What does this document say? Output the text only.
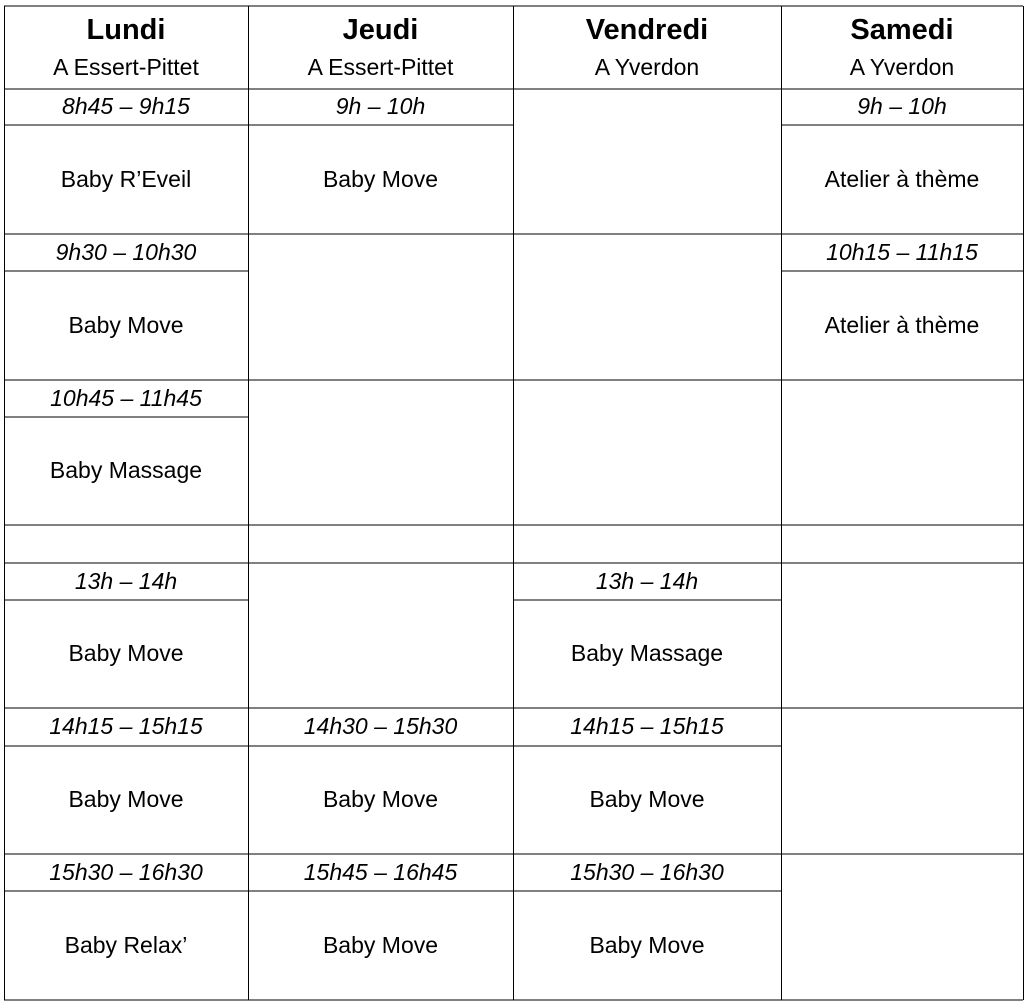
Lundi
A Essert-Pittet
Jeudi
A Essert-Pittet
Vendredi
A Yverdon
Samedi
A Yverdon
8h45 – 9h15
Baby R’Eveil
9h – 10h
Baby Move
9h – 10h
Atelier à thème
9h30 – 10h30
Baby Move
10h15 – 11h15
Atelier à thème
10h45 – 11h45
Baby Massage
13h – 14h
Baby Move
13h – 14h
Baby Massage
14h15 – 15h15
Baby Move
14h30 – 15h30
Baby Move
14h15 – 15h15
Baby Move
15h30 – 16h30
Baby Relax’
15h45 – 16h45
Baby Move
15h30 – 16h30
Baby Move
